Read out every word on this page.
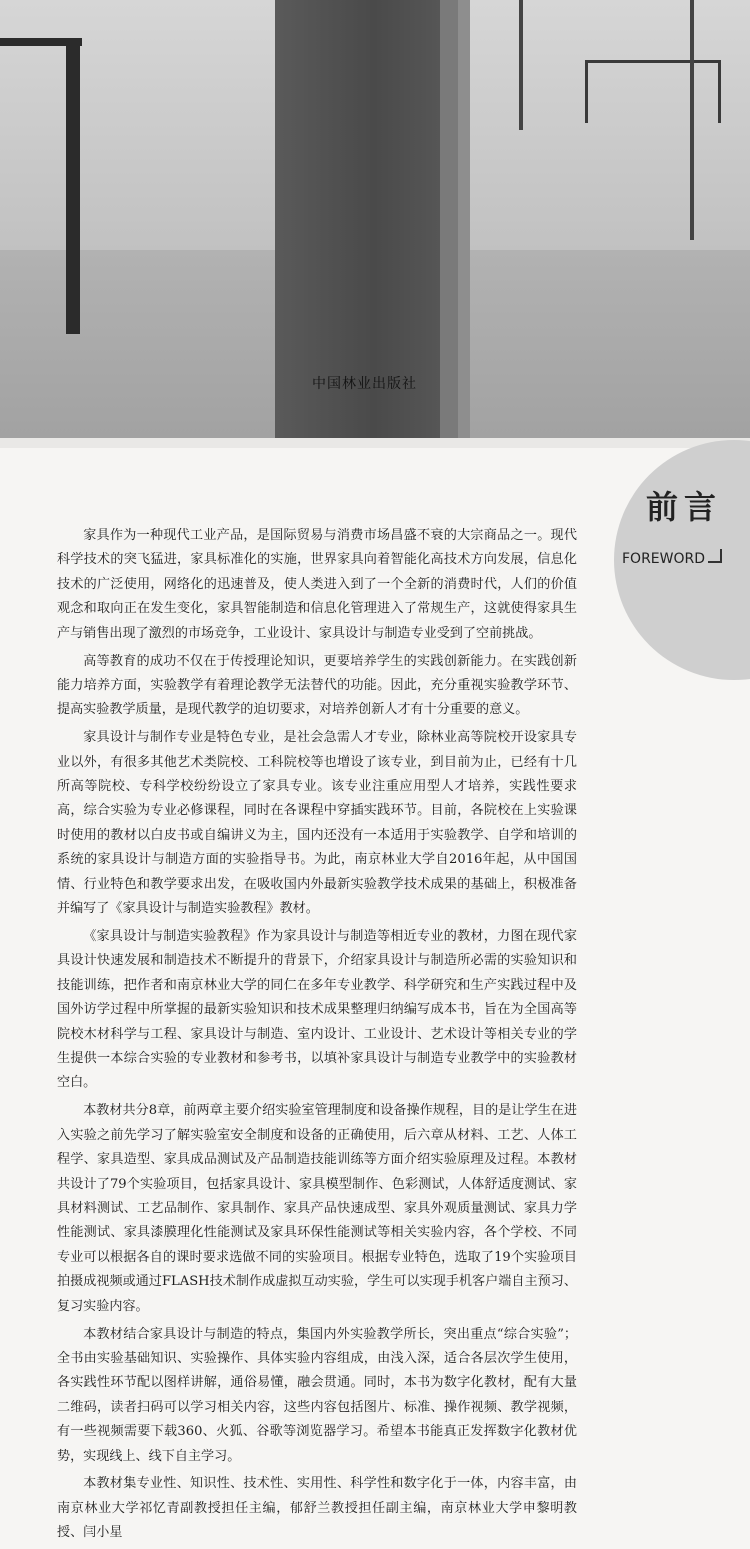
中国林业出版社
前言
FOREWORD

家具作为一种现代工业产品，是国际贸易与消费市场昌盛不衰的大宗商品之一。现代科学技术的突飞猛进，家具标准化的实施，世界家具向着智能化高技术方向发展，信息化技术的广泛使用，网络化的迅速普及，使人类进入到了一个全新的消费时代，人们的价值观念和取向正在发生变化，家具智能制造和信息化管理进入了常规生产，这就使得家具生产与销售出现了激烈的市场竞争，工业设计、家具设计与制造专业受到了空前挑战。

高等教育的成功不仅在于传授理论知识，更要培养学生的实践创新能力。在实践创新能力培养方面，实验教学有着理论教学无法替代的功能。因此，充分重视实验教学环节、提高实验教学质量，是现代教学的迫切要求，对培养创新人才有十分重要的意义。

家具设计与制作专业是特色专业，是社会急需人才专业，除林业高等院校开设家具专业以外，有很多其他艺术类院校、工科院校等也增设了该专业，到目前为止，已经有十几所高等院校、专科学校纷纷设立了家具专业。该专业注重应用型人才培养，实践性要求高，综合实验为专业必修课程，同时在各课程中穿插实践环节。目前，各院校在上实验课时使用的教材以白皮书或自编讲义为主，国内还没有一本适用于实验教学、自学和培训的系统的家具设计与制造方面的实验指导书。为此，南京林业大学自2016年起，从中国国情、行业特色和教学要求出发，在吸收国内外最新实验教学技术成果的基础上，积极准备并编写了《家具设计与制造实验教程》教材。

《家具设计与制造实验教程》作为家具设计与制造等相近专业的教材，力图在现代家具设计快速发展和制造技术不断提升的背景下，介绍家具设计与制造所必需的实验知识和技能训练，把作者和南京林业大学的同仁在多年专业教学、科学研究和生产实践过程中及国外访学过程中所掌握的最新实验知识和技术成果整理归纳编写成本书，旨在为全国高等院校木材科学与工程、家具设计与制造、室内设计、工业设计、艺术设计等相关专业的学生提供一本综合实验的专业教材和参考书，以填补家具设计与制造专业教学中的实验教材空白。

本教材共分8章，前两章主要介绍实验室管理制度和设备操作规程，目的是让学生在进入实验之前先学习了解实验室安全制度和设备的正确使用，后六章从材料、工艺、人体工程学、家具造型、家具成品测试及产品制造技能训练等方面介绍实验原理及过程。本教材共设计了79个实验项目，包括家具设计、家具模型制作、色彩测试，人体舒适度测试、家具材料测试、工艺品制作、家具制作、家具产品快速成型、家具外观质量测试、家具力学性能测试、家具漆膜理化性能测试及家具环保性能测试等相关实验内容，各个学校、不同专业可以根据各自的课时要求选做不同的实验项目。根据专业特色，选取了19个实验项目拍摄成视频或通过FLASH技术制作成虚拟互动实验，学生可以实现手机客户端自主预习、复习实验内容。

本教材结合家具设计与制造的特点，集国内外实验教学所长，突出重点“综合实验”；全书由实验基础知识、实验操作、具体实验内容组成，由浅入深，适合各层次学生使用，各实践性环节配以图样讲解，通俗易懂，融会贯通。同时，本书为数字化教材，配有大量二维码，读者扫码可以学习相关内容，这些内容包括图片、标准、操作视频、教学视频，有一些视频需要下载360、火狐、谷歌等浏览器学习。希望本书能真正发挥数字化教材优势，实现线上、线下自主学习。

本教材集专业性、知识性、技术性、实用性、科学性和数字化于一体，内容丰富，由南京林业大学祁忆青副教授担任主编，郁舒兰教授担任副主编，南京林业大学申黎明教授、闫小星
